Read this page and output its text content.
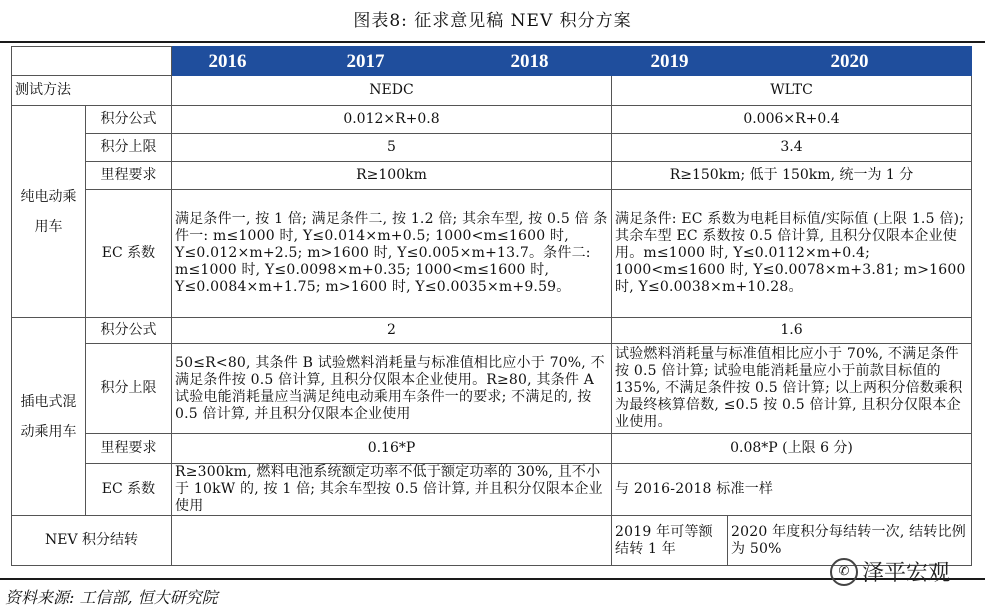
图表8: 征求意见稿 NEV 积分方案
		2016	2017	2018	2019	2020
测试方法		NEDC			WLTC	
纯电动乘用车	积分公式	0.012×R+0.8			0.006×R+0.4	
	积分上限	5			3.4	
	里程要求	R≥100km			R≥150km; 低于 150km, 统一为 1 分	
	EC 系数	满足条件一, 按 1 倍; 满足条件二, 按 1.2 倍; 其余车型, 按 0.5 倍 条件一: m≤1000 时, Y≤0.014×m+0.5; 1000<m≤1600 时, Y≤0.012×m+2.5; m>1600 时, Y≤0.005×m+13.7。条件二: m≤1000 时, Y≤0.0098×m+0.35; 1000<m≤1600 时, Y≤0.0084×m+1.75; m>1600 时, Y≤0.0035×m+9.59。			满足条件: EC 系数为电耗目标值/实际值 (上限 1.5 倍); 其余车型 EC 系数按 0.5 倍计算, 且积分仅限本企业使用。m≤1000 时, Y≤0.0112×m+0.4; 1000<m≤1600 时, Y≤0.0078×m+3.81; m>1600 时, Y≤0.0038×m+10.28。	
插电式混动乘用车	积分公式	2			1.6	
	积分上限	50≤R<80, 其条件 B 试验燃料消耗量与标准值相比应小于 70%, 不满足条件按 0.5 倍计算, 且积分仅限本企业使用。R≥80, 其条件 A 试验电能消耗量应当满足纯电动乘用车条件一的要求; 不满足的, 按 0.5 倍计算, 并且积分仅限本企业使用			试验燃料消耗量与标准值相比应小于 70%, 不满足条件按 0.5 倍计算; 试验电能消耗量应小于前款目标值的 135%, 不满足条件按 0.5 倍计算; 以上两积分倍数乘积为最终核算倍数, ≤0.5 按 0.5 倍计算, 且积分仅限本企业使用。	
	里程要求	0.16*P			0.08*P (上限 6 分)	
	EC 系数	R≥300km, 燃料电池系统额定功率不低于额定功率的 30%, 且不小于 10kW 的, 按 1 倍; 其余车型按 0.5 倍计算, 并且积分仅限本企业使用			与 2016-2018 标准一样	
NEV 积分结转					2019 年可等额结转 1 年	2020 年度积分每结转一次, 结转比例为 50%
资料来源: 工信部, 恒大研究院
✆ 泽平宏观
